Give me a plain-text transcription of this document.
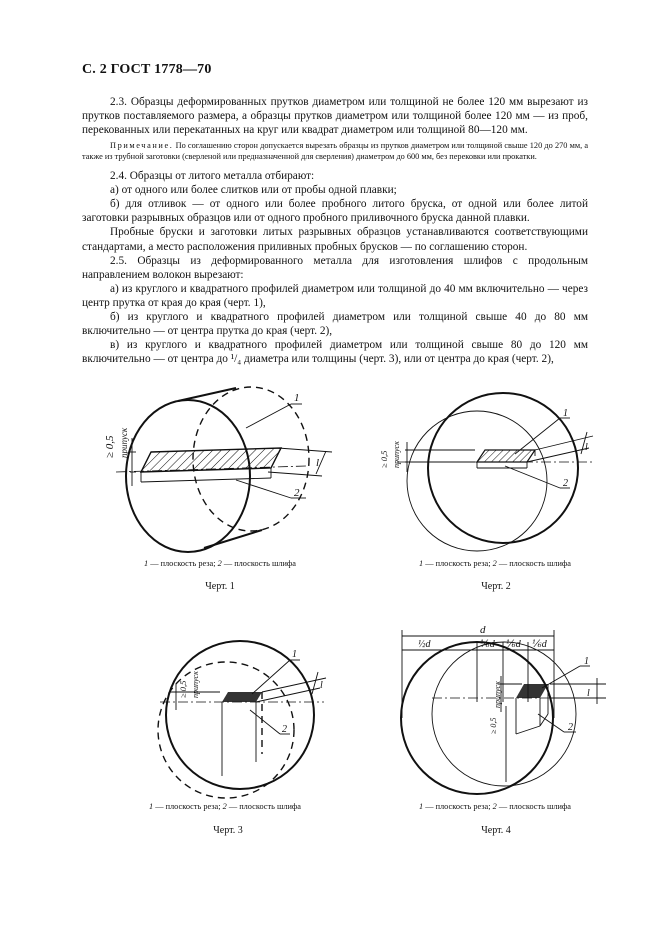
С. 2 ГОСТ 1778—70

2.3. Образцы деформированных прутков диаметром или толщиной не более 120 мм вырезают из прутков поставляемого размера, а образцы прутков диаметром или толщиной более 120 мм — из проб, перекованных или перекатанных на круг или квадрат диаметром или толщиной 80—120 мм.

Примечание. По соглашению сторон допускается вырезать образцы из прутков диаметром или толщиной свыше 120 до 270 мм, а также из трубной заготовки (сверленой или предназначенной для сверления) диаметром до 600 мм, без перековки или прокатки.

2.4. Образцы от литого металла отбирают:

а) от одного или более слитков или от пробы одной плавки;

б) для отливок — от одного или более пробного литого бруска, от одной или более литой заготовки разрывных образцов или от одного пробного приливочного бруска данной плавки.

Пробные бруски и заготовки литых разрывных образцов устанавливаются соответствующими стандартами, а место расположения приливных пробных брусков — по соглашению сторон.

2.5. Образцы из деформированного металла для изготовления шлифов с продольным направлением волокон вырезают:

а) из круглого и квадратного профилей диаметром или толщиной до 40 мм включительно — через центр прутка от края до края (черт. 1),

б) из круглого и квадратного профилей диаметром или толщиной свыше 40 до 80 мм включительно — от центра прутка до края (черт. 2),

в) из круглого и квадратного профилей диаметром или толщиной свыше 80 до 120 мм включительно — от центра до ¹/₄ диаметра или толщины (черт. 3), или от центра до края (черт. 2),

≥ 0,5 припуск
l
1
2
1 — плоскость реза; 2 — плоскость шлифа
Черт. 1
≥ 0,5 припуск	l
1
2
1 — плоскость реза; 2 — плоскость шлифа
Черт. 2
≥ 0,5 припуск	l
1
2
1 — плоскость реза; 2 — плоскость шлифа
Черт. 3
d
½d	⅙d ⅙d ⅙d
≥ 0,5
припуск	l
1
2
1 — плоскость реза; 2 — плоскость шлифа
Черт. 4
